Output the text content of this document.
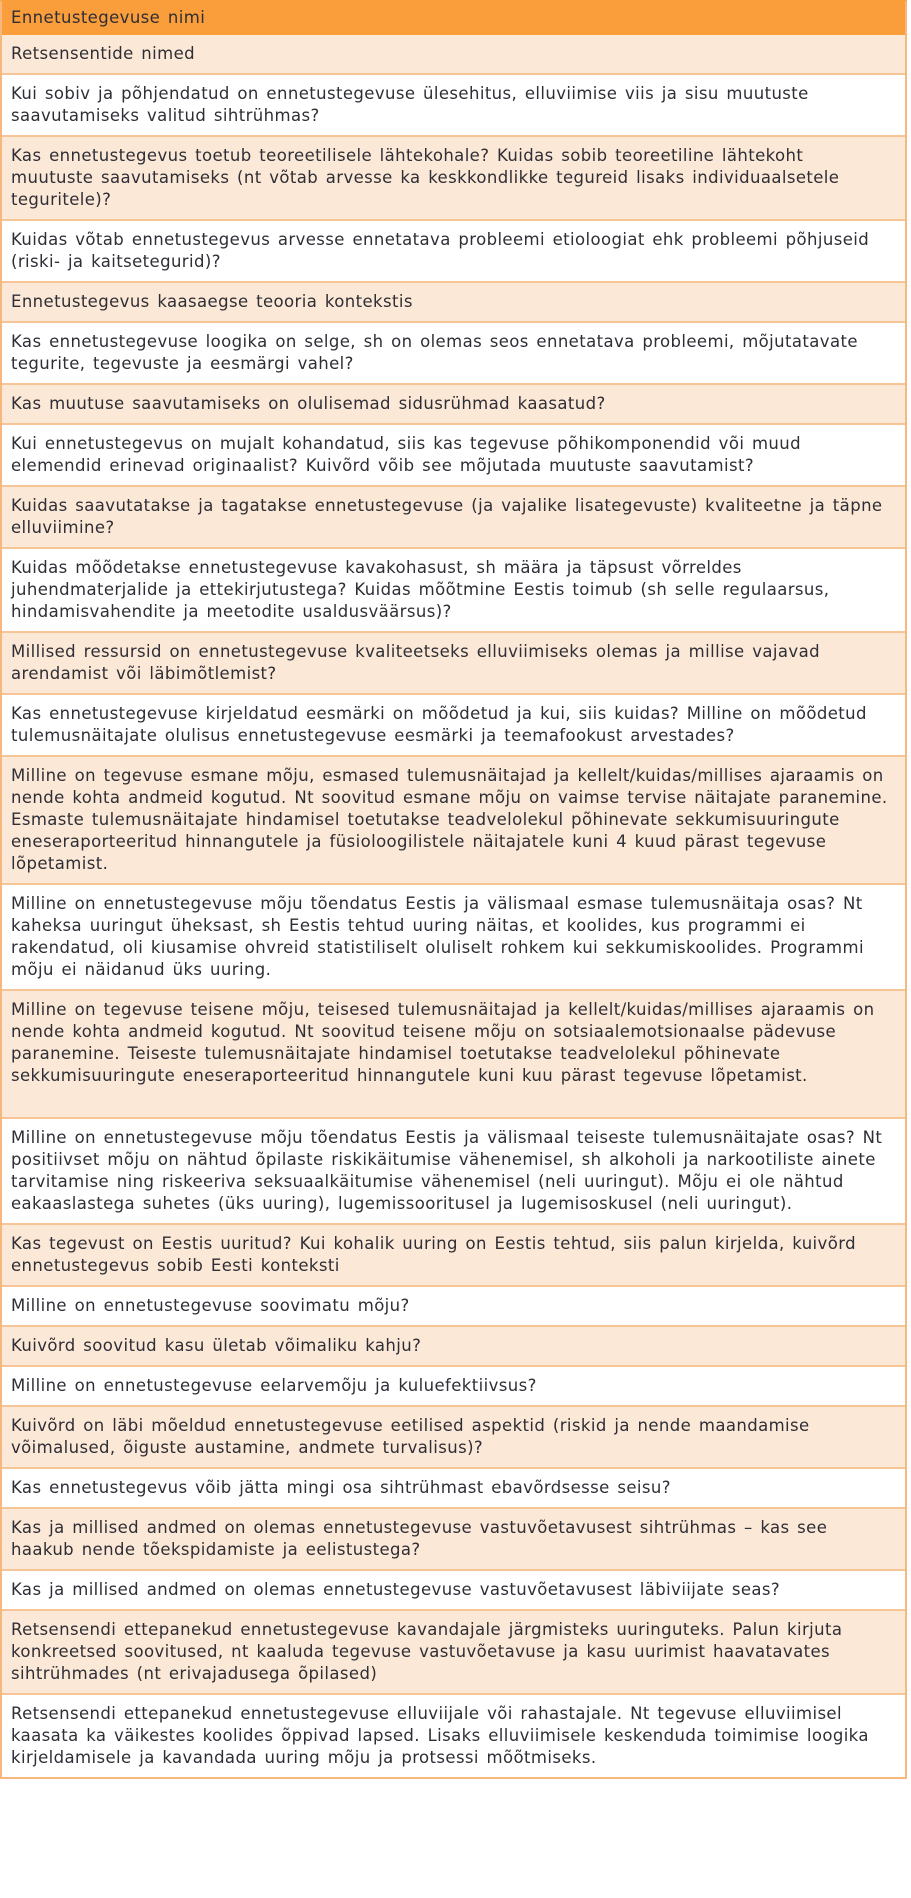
Ennetustegevuse nimi
Retsensentide nimed
Kui sobiv ja põhjendatud on ennetustegevuse ülesehitus, elluviimise viis ja sisu muutuste saavutamiseks valitud sihtrühmas?
Kas ennetustegevus toetub teoreetilisele lähtekohale? Kuidas sobib teoreetiline lähtekoht muutuste saavutamiseks (nt võtab arvesse ka keskkondlikke tegureid lisaks individuaalsetele teguritele)?
Kuidas võtab ennetustegevus arvesse ennetatava probleemi etioloogiat ehk probleemi põhjuseid (riski- ja kaitsetegurid)?
Ennetustegevus kaasaegse teooria kontekstis
Kas ennetustegevuse loogika on selge, sh on olemas seos ennetatava probleemi, mõjutatavate tegurite, tegevuste ja eesmärgi vahel?
Kas muutuse saavutamiseks on olulisemad sidusrühmad kaasatud?
Kui ennetustegevus on mujalt kohandatud, siis kas tegevuse põhikomponendid või muud elemendid erinevad originaalist? Kuivõrd võib see mõjutada muutuste saavutamist?
Kuidas saavutatakse ja tagatakse ennetustegevuse (ja vajalike lisategevuste) kvaliteetne ja täpne elluviimine?
Kuidas mõõdetakse ennetustegevuse kavakohasust, sh määra ja täpsust võrreldes juhendmaterjalide ja ettekirjutustega? Kuidas mõõtmine Eestis toimub (sh selle regulaarsus, hindamisvahendite ja meetodite usaldusväärsus)?
Millised ressursid on ennetustegevuse kvaliteetseks elluviimiseks olemas ja millise vajavad arendamist või läbimõtlemist?
Kas ennetustegevuse kirjeldatud eesmärki on mõõdetud ja kui, siis kuidas? Milline on mõõdetud tulemusnäitajate olulisus ennetustegevuse eesmärki ja teemafookust arvestades?
Milline on tegevuse esmane mõju, esmased tulemusnäitajad ja kellelt/kuidas/millises ajaraamis on nende kohta andmeid kogutud. Nt soovitud esmane mõju on vaimse tervise näitajate paranemine. Esmaste tulemusnäitajate hindamisel toetutakse teadvelolekul põhinevate sekkumisuuringute eneseraporteeritud hinnangutele ja füsioloogilistele näitajatele kuni 4 kuud pärast tegevuse lõpetamist.
Milline on ennetustegevuse mõju tõendatus Eestis ja välismaal esmase tulemusnäitaja osas? Nt kaheksa uuringut üheksast, sh Eestis tehtud uuring näitas, et koolides, kus programmi ei rakendatud, oli kiusamise ohvreid statistiliselt oluliselt rohkem kui sekkumiskoolides. Programmi mõju ei näidanud üks uuring.
Milline on tegevuse teisene mõju, teisesed tulemusnäitajad ja kellelt/kuidas/millises ajaraamis on nende kohta andmeid kogutud. Nt soovitud teisene mõju on sotsiaalemotsionaalse pädevuse paranemine. Teiseste tulemusnäitajate hindamisel toetutakse teadvelolekul põhinevate sekkumisuuringute eneseraporteeritud hinnangutele kuni kuu pärast tegevuse lõpetamist.
Milline on ennetustegevuse mõju tõendatus Eestis ja välismaal teiseste tulemusnäitajate osas? Nt positiivset mõju on nähtud õpilaste riskikäitumise vähenemisel, sh alkoholi ja narkootiliste ainete tarvitamise ning riskeeriva seksuaalkäitumise vähenemisel (neli uuringut). Mõju ei ole nähtud eakaaslastega suhetes (üks uuring), lugemissooritusel ja lugemisoskusel (neli uuringut).
Kas tegevust on Eestis uuritud? Kui kohalik uuring on Eestis tehtud, siis palun kirjelda, kuivõrd ennetustegevus sobib Eesti konteksti
Milline on ennetustegevuse soovimatu mõju?
Kuivõrd soovitud kasu ületab võimaliku kahju?
Milline on ennetustegevuse eelarvemõju ja kuluefektiivsus?
Kuivõrd on läbi mõeldud ennetustegevuse eetilised aspektid (riskid ja nende maandamise võimalused, õiguste austamine, andmete turvalisus)?
Kas ennetustegevus võib jätta mingi osa sihtrühmast ebavõrdsesse seisu?
Kas ja millised andmed on olemas ennetustegevuse vastuvõetavusest sihtrühmas – kas see haakub nende tõekspidamiste ja eelistustega?
Kas ja millised andmed on olemas ennetustegevuse vastuvõetavusest läbiviijate seas?
Retsensendi ettepanekud ennetustegevuse kavandajale järgmisteks uuringuteks. Palun kirjuta konkreetsed soovitused, nt kaaluda tegevuse vastuvõetavuse ja kasu uurimist haavatavates sihtrühmades (nt erivajadusega õpilased)
Retsensendi ettepanekud ennetustegevuse elluviijale või rahastajale. Nt tegevuse elluviimisel kaasata ka väikestes koolides õppivad lapsed. Lisaks elluviimisele keskenduda toimimise loogika kirjeldamisele ja kavandada uuring mõju ja protsessi mõõtmiseks.
